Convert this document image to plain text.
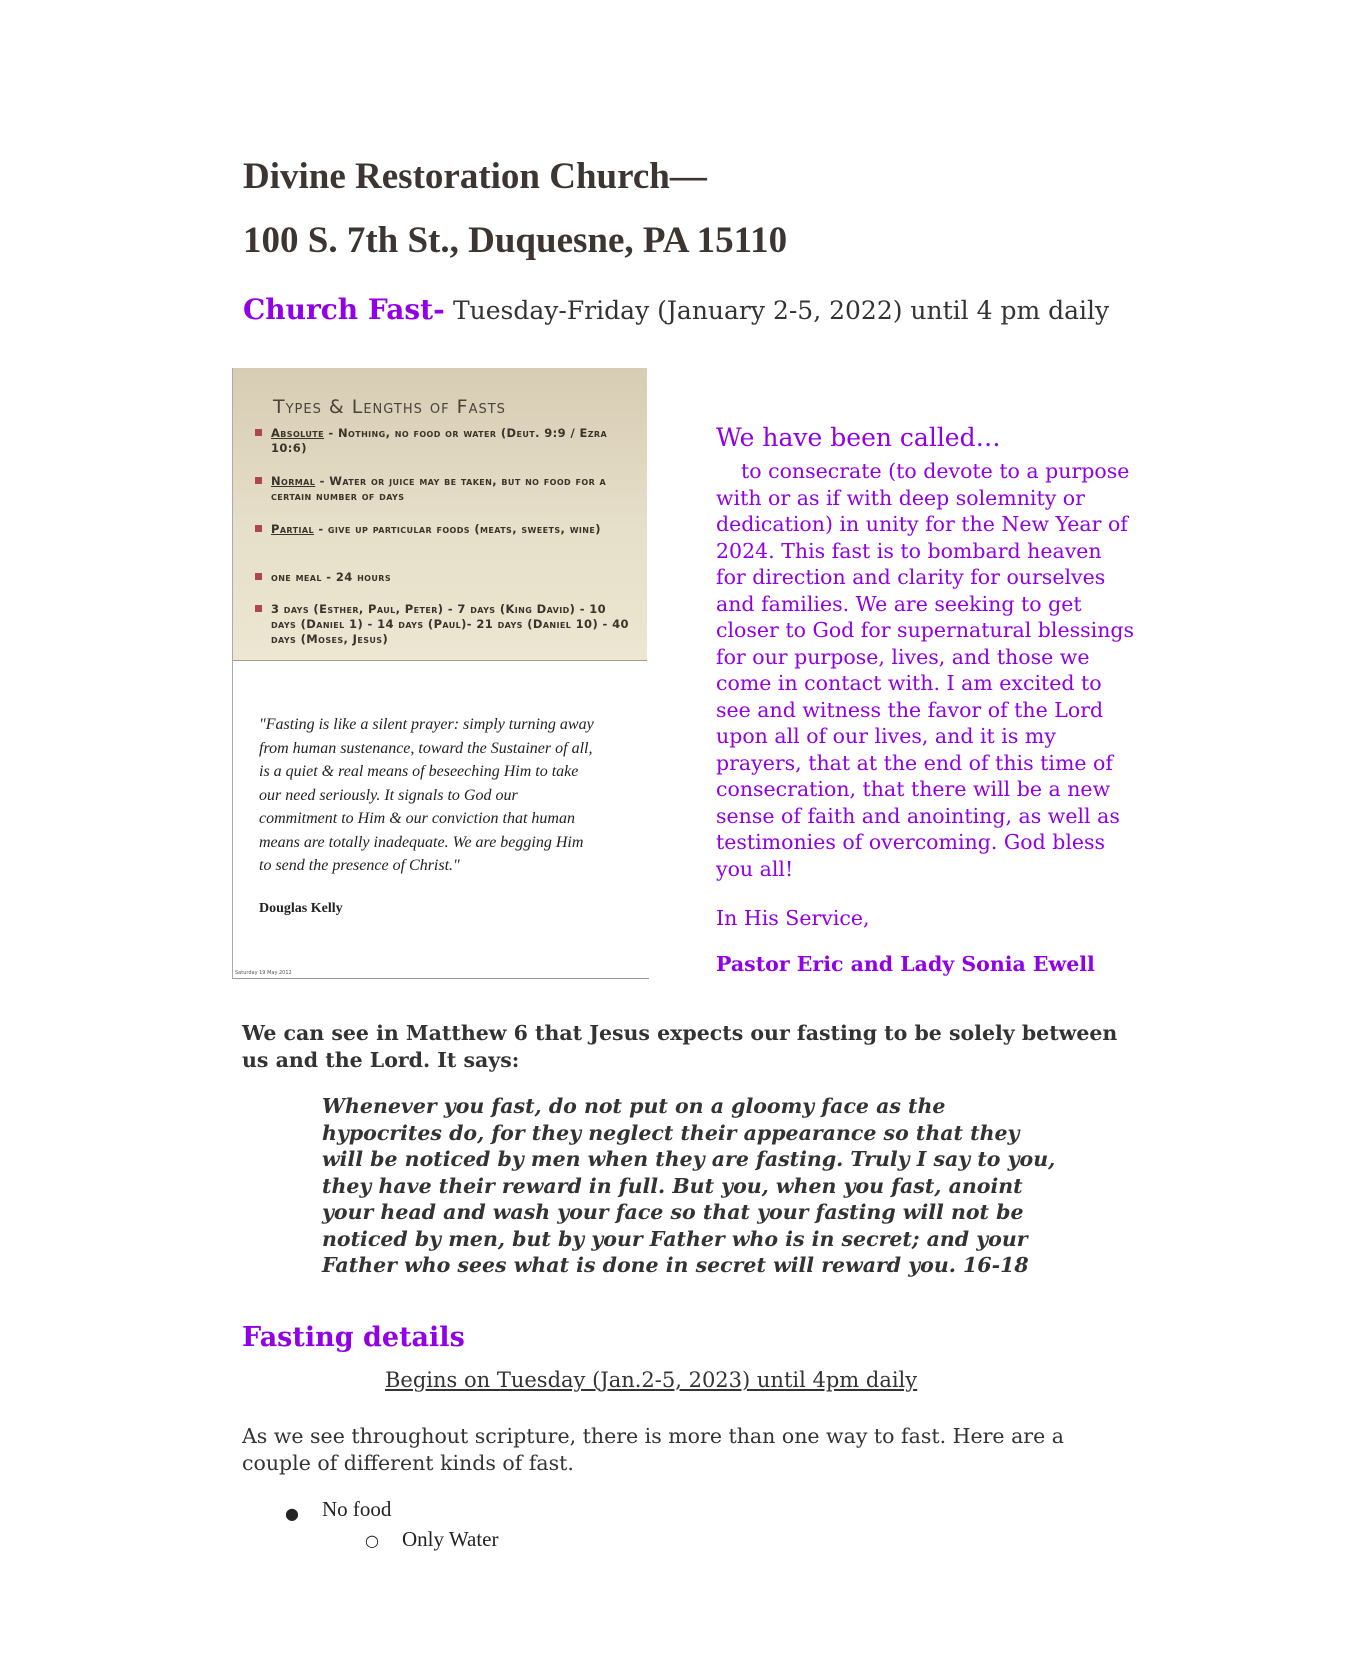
Divine Restoration Church—
100 S. 7th St., Duquesne, PA 15110
Church Fast- Tuesday-Friday (January 2-5, 2022) until 4 pm daily
Types & Lengths of Fasts
Absolute - Nothing, no food or water (Deut. 9:9 / Ezra 10:6)
Normal - Water or juice may be taken, but no food for a certain number of days
Partial - give up particular foods (meats, sweets, wine)
one meal - 24 hours
3 days (Esther, Paul, Peter) - 7 days (King David) - 10 days (Daniel 1) - 14 days (Paul)- 21 days (Daniel 10) - 40 days (Moses, Jesus)
"Fasting is like a silent prayer: simply turning away from human sustenance, toward the Sustainer of all, is a quiet & real means of beseeching Him to take our need seriously. It signals to God our commitment to Him & our conviction that human means are totally inadequate. We are begging Him to send the presence of Christ."
Douglas Kelly
Saturday 19 May 2012
We have been called…
to consecrate (to devote to a purpose with or as if with deep solemnity or dedication) in unity for the New Year of 2024. This fast is to bombard heaven for direction and clarity for ourselves and families. We are seeking to get closer to God for supernatural blessings for our purpose, lives, and those we come in contact with. I am excited to see and witness the favor of the Lord upon all of our lives, and it is my prayers, that at the end of this time of consecration, that there will be a new sense of faith and anointing, as well as testimonies of overcoming. God bless you all!
In His Service,
Pastor Eric and Lady Sonia Ewell
We can see in Matthew 6 that Jesus expects our fasting to be solely between us and the Lord. It says:
Whenever you fast, do not put on a gloomy face as the hypocrites do, for they neglect their appearance so that they will be noticed by men when they are fasting. Truly I say to you, they have their reward in full. But you, when you fast, anoint your head and wash your face so that your fasting will not be noticed by men, but by your Father who is in secret; and your Father who sees what is done in secret will reward you. 16-18
Fasting details
Begins on Tuesday (Jan.2-5, 2023) until 4pm daily
As we see throughout scripture, there is more than one way to fast. Here are a couple of different kinds of fast.
● No food
○ Only Water
